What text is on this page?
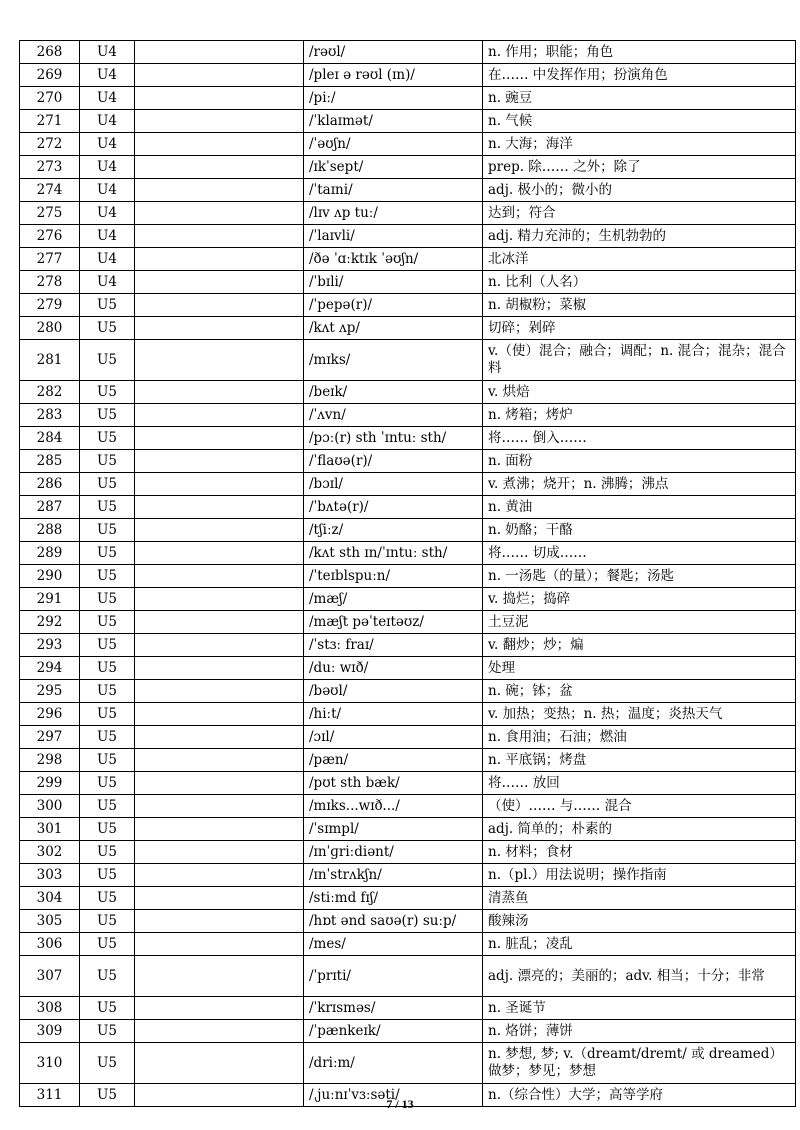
268	U4		/rəʊl/	n. 作用；职能；角色
269	U4		/pleɪ ə rəʊl (ɪn)/	在…… 中发挥作用；扮演角色
270	U4		/piː/	n. 豌豆
271	U4		/ˈklaɪmət/	n. 气候
272	U4		/ˈəʊʃn/	n. 大海；海洋
273	U4		/ɪkˈsept/	prep. 除…… 之外；除了
274	U4		/ˈtaɪni/	adj. 极小的；微小的
275	U4		/lɪv ʌp tuː/	达到；符合
276	U4		/ˈlaɪvli/	adj. 精力充沛的；生机勃勃的
277	U4		/ðə ˈɑːktɪk ˈəʊʃn/	北冰洋
278	U4		/ˈbɪli/	n. 比利（人名）
279	U5		/ˈpepə(r)/	n. 胡椒粉；菜椒
280	U5		/kʌt ʌp/	切碎；剁碎
281	U5		/mɪks/	v.（使）混合；融合；调配；n. 混合；混杂；混合料
282	U5		/beɪk/	v. 烘焙
283	U5		/ˈʌvn/	n. 烤箱；烤炉
284	U5		/pɔː(r) sth ˈɪntuː sth/	将…… 倒入……
285	U5		/ˈflaʊə(r)/	n. 面粉
286	U5		/bɔɪl/	v. 煮沸；烧开；n. 沸腾；沸点
287	U5		/ˈbʌtə(r)/	n. 黄油
288	U5		/tʃiːz/	n. 奶酪；干酪
289	U5		/kʌt sth ɪn/ˈɪntuː sth/	将…… 切成……
290	U5		/ˈteɪblspuːn/	n. 一汤匙（的量）；餐匙；汤匙
291	U5		/mæʃ/	v. 捣烂；捣碎
292	U5		/mæʃt pəˈteɪtəʊz/	土豆泥
293	U5		/ˈstɜː fraɪ/	v. 翻炒；炒；煸
294	U5		/duː wɪð/	处理
295	U5		/bəʊl/	n. 碗；钵；盆
296	U5		/hiːt/	v. 加热；变热；n. 热；温度；炎热天气
297	U5		/ɔɪl/	n. 食用油；石油；燃油
298	U5		/pæn/	n. 平底锅；烤盘
299	U5		/pʊt sth bæk/	将…… 放回
300	U5		/mɪks...wɪð.../	（使）…… 与…… 混合
301	U5		/ˈsɪmpl/	adj. 简单的；朴素的
302	U5		/ɪnˈɡriːdiənt/	n. 材料；食材
303	U5		/ɪnˈstrʌkʃn/	n.（pl.）用法说明；操作指南
304	U5		/stiːmd fɪʃ/	清蒸鱼
305	U5		/hɒt ənd saʊə(r) suːp/	酸辣汤
306	U5		/mes/	n. 脏乱；凌乱
307	U5		/ˈprɪti/	adj. 漂亮的；美丽的；adv. 相当；十分；非常
308	U5		/ˈkrɪsməs/	n. 圣诞节
309	U5		/ˈpænkeɪk/	n. 烙饼；薄饼
310	U5		/driːm/	n. 梦想, 梦; v.（dreamt/dremt/ 或 dreamed）做梦；梦见；梦想
311	U5		/ˌjuːnɪˈvɜːsəti/	n.（综合性）大学；高等学府
7 / 13
